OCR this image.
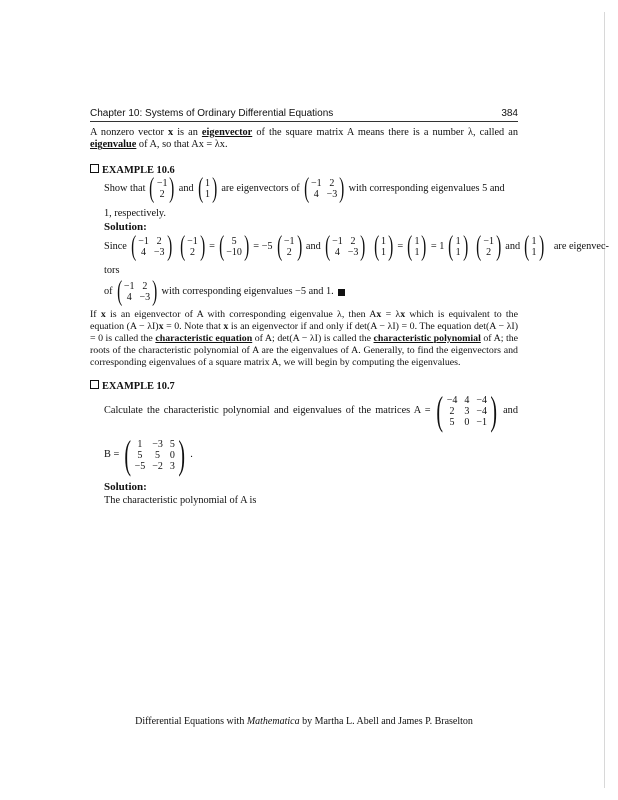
Chapter 10: Systems of Ordinary Differential Equations	384
A nonzero vector x is an eigenvector of the square matrix A means there is a number λ, called an eigenvalue of A, so that Ax = λx.
EXAMPLE 10.6
Show that ( −1
2 ) and ( 1
1 ) are eigenvectors of ( −1 2
4 −3 ) with corresponding eigenvalues 5 and
1, respectively.
Solution:
Since ( −1 2
4 −3 ) ( −1
2 ) = ( 5
−10 ) = −5 ( −1
2 ) and ( −1 2
4 −3 ) ( 1
1 ) = ( 1
1 ) = 1 ( 1
1 ) ( −1
2 ) and ( 1
1 ) are eigenvec-
tors
of ( −1 2
4 −3 ) with corresponding eigenvalues −5 and 1.
If x is an eigenvector of A with corresponding eigenvalue λ, then Ax = λx which is equivalent to the equation (A − λI)x = 0. Note that x is an eigenvector if and only if det(A − λI) = 0. The equation det(A − λI) = 0 is called the characteristic equation of A; det(A − λI) is called the characteristic polynomial of A; the roots of the characteristic polynomial of A are the eigenvalues of A. Generally, to find the eigenvectors and corresponding eigenvalues of a square matrix A, we will begin by computing the eigenvalues.
EXAMPLE 10.7
Calculate the characteristic polynomial and eigenvalues of the matrices A = ( −4 4 −4
2 3 −4
5 0 −1 ) and
B = ( 1 −3 5
5 5 0
−5 −2 3 ) .
Solution:
The characteristic polynomial of A is
Differential Equations with Mathematica by Martha L. Abell and James P. Braselton
